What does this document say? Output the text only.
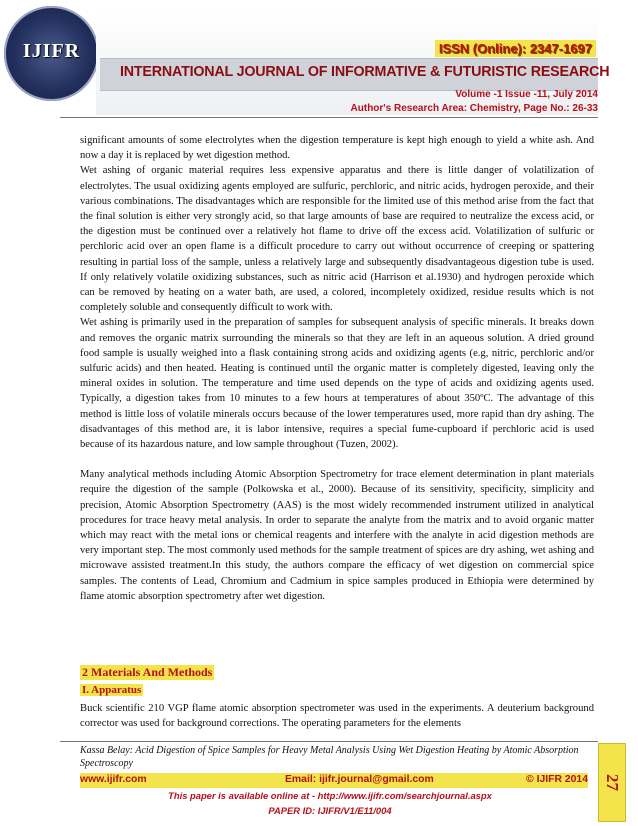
IJIFR	ISSN (Online): 2347-1697
INTERNATIONAL JOURNAL OF INFORMATIVE & FUTURISTIC RESEARCH
Volume -1 Issue -11, July 2014
Author's Research Area: Chemistry, Page No.: 26-33

significant amounts of some electrolytes when the digestion temperature is kept high enough to yield a white ash. And now a day it is replaced by wet digestion method.

Wet ashing of organic material requires less expensive apparatus and there is little danger of volatilization of electrolytes. The usual oxidizing agents employed are sulfuric, perchloric, and nitric acids, hydrogen peroxide, and their various combinations. The disadvantages which are responsible for the limited use of this method arise from the fact that the final solution is either very strongly acid, so that large amounts of base are required to neutralize the excess acid, or the digestion must be continued over a relatively hot flame to drive off the excess acid. Volatilization of sulfuric or perchloric acid over an open flame is a difficult procedure to carry out without occurrence of creeping or spattering resulting in partial loss of the sample, unless a relatively large and subsequently disadvantageous digestion tube is used. If only relatively volatile oxidizing substances, such as nitric acid (Harrison et al.1930) and hydrogen peroxide which can be removed by heating on a water bath, are used, a colored, incompletely oxidized, residue results which is not completely soluble and consequently difficult to work with.

Wet ashing is primarily used in the preparation of samples for subsequent analysis of specific minerals. It breaks down and removes the organic matrix surrounding the minerals so that they are left in an aqueous solution. A dried ground food sample is usually weighed into a flask containing strong acids and oxidizing agents (e.g, nitric, perchloric and/or sulfuric acids) and then heated. Heating is continued until the organic matter is completely digested, leaving only the mineral oxides in solution. The temperature and time used depends on the type of acids and oxidizing agents used. Typically, a digestion takes from 10 minutes to a few hours at temperatures of about 350ºC. The advantage of this method is little loss of volatile minerals occurs because of the lower temperatures used, more rapid than dry ashing. The disadvantages of this method are, it is labor intensive, requires a special fume-cupboard if perchloric acid is used because of its hazardous nature, and low sample throughout (Tuzen, 2002).

Many analytical methods including Atomic Absorption Spectrometry for trace element determination in plant materials require the digestion of the sample (Polkowska et al., 2000). Because of its sensitivity, specificity, simplicity and precision, Atomic Absorption Spectrometry (AAS) is the most widely recommended instrument utilized in analytical procedures for trace heavy metal analysis. In order to separate the analyte from the matrix and to avoid organic matter which may react with the metal ions or chemical reagents and interfere with the analyte in acid digestion methods are very important step. The most commonly used methods for the sample treatment of spices are dry ashing, wet ashing and microwave assisted treatment.In this study, the authors compare the efficacy of wet digestion on commercial spice samples. The contents of Lead, Chromium and Cadmium in spice samples produced in Ethiopia were determined by flame atomic absorption spectrometry after wet digestion.

2 Materials And Methods
I. Apparatus

Buck scientific 210 VGP flame atomic absorption spectrometer was used in the experiments. A deuterium background corrector was used for background corrections. The operating parameters for the elements

Kassa Belay: Acid Digestion of Spice Samples for Heavy Metal Analysis Using Wet Digestion Heating by Atomic Absorption Spectroscopy
www.ijifr.com	Email: ijifr.journal@gmail.com	© IJIFR 2014
This paper is available online at - http://www.ijifr.com/searchjournal.aspx
PAPER ID: IJIFR/V1/E11/004
27
